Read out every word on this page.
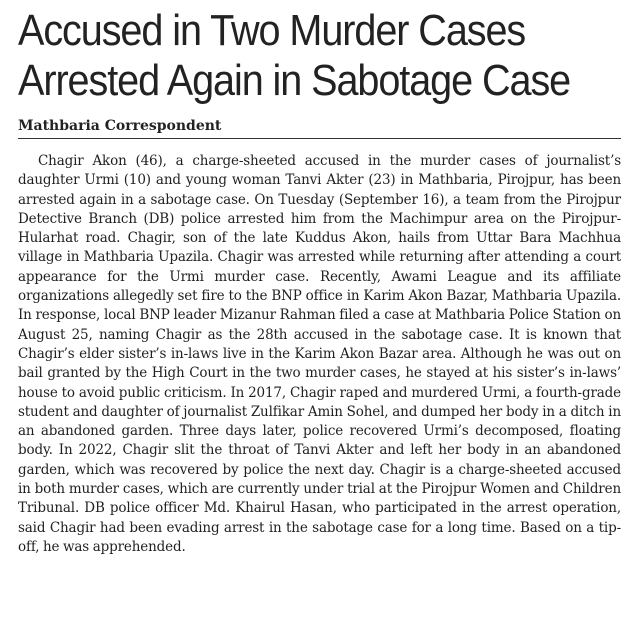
Accused in Two Murder Cases
Arrested Again in Sabotage Case
Mathbaria Correspondent

Chagir Akon (46), a charge-sheeted accused in the murder cases of journalist’s daughter Urmi (10) and young woman Tanvi Akter (23) in Mathbaria, Pirojpur, has been arrested again in a sabotage case. On Tuesday (September 16), a team from the Pirojpur Detective Branch (DB) police arrested him from the Machimpur area on the Pirojpur-Hularhat road. Chagir, son of the late Kuddus Akon, hails from Uttar Bara Machhua village in Mathbaria Upazila. Chagir was arrested while returning after attending a court appearance for the Urmi murder case. Recently, Awami League and its affiliate organizations allegedly set fire to the BNP office in Karim Akon Bazar, Mathbaria Upazila. In response, local BNP leader Mizanur Rahman filed a case at Mathbaria Police Station on August 25, naming Chagir as the 28th accused in the sabotage case. It is known that Chagir’s elder sister’s in-laws live in the Karim Akon Bazar area. Although he was out on bail granted by the High Court in the two murder cases, he stayed at his sister’s in-laws’ house to avoid public criticism. In 2017, Chagir raped and murdered Urmi, a fourth-grade student and daughter of journalist Zulfikar Amin Sohel, and dumped her body in a ditch in an abandoned garden. Three days later, police recovered Urmi’s decomposed, floating body. In 2022, Chagir slit the throat of Tanvi Akter and left her body in an abandoned garden, which was recovered by police the next day. Chagir is a charge-sheeted accused in both murder cases, which are currently under trial at the Pirojpur Women and Children Tribunal. DB police officer Md. Khairul Hasan, who participated in the arrest operation, said Chagir had been evading arrest in the sabotage case for a long time. Based on a tip-off, he was apprehended.
